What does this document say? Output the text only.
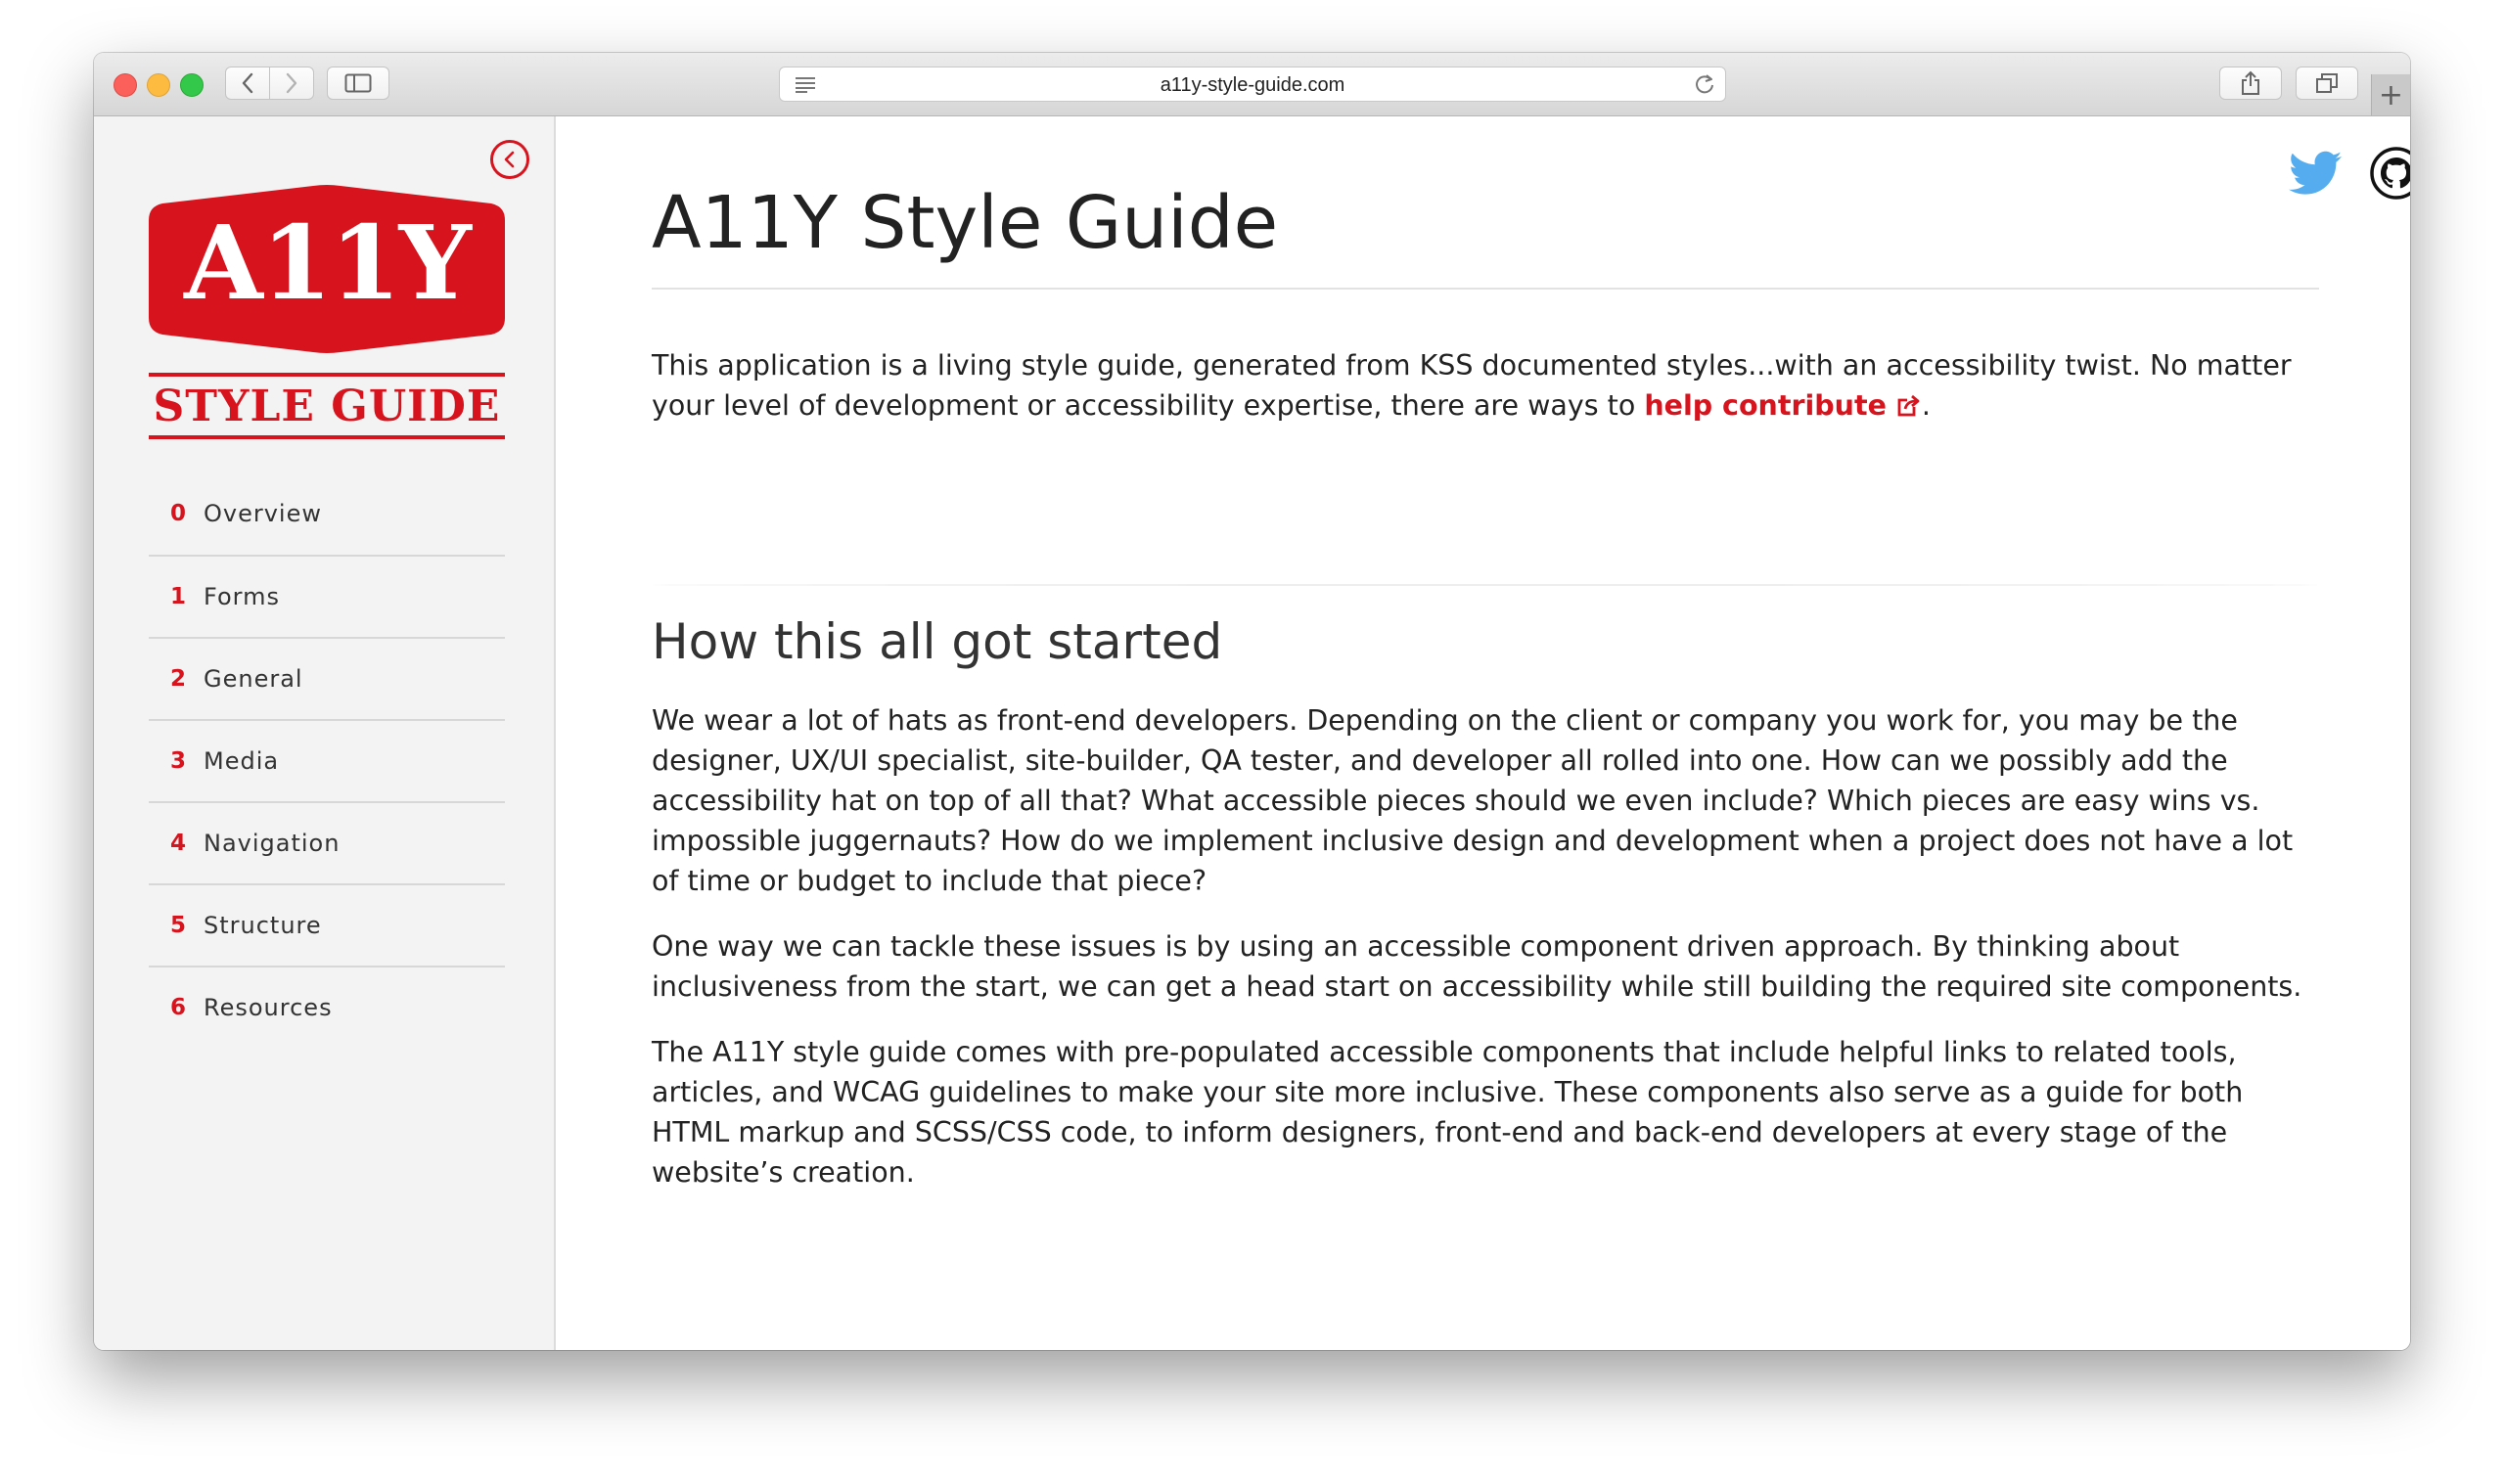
a11y-style-guide.com	+
A11Y
STYLE GUIDE
0 Overview
1 Forms
2 General
3 Media
4 Navigation
5 Structure
6 Resources
A11Y Style Guide

This application is a living style guide, generated from KSS documented styles...with an accessibility twist. No matter your level of development or accessibility expertise, there are ways to help contribute .

How this all got started

We wear a lot of hats as front-end developers. Depending on the client or company you work for, you may be the designer, UX/UI specialist, site-builder, QA tester, and developer all rolled into one. How can we possibly add the accessibility hat on top of all that? What accessible pieces should we even include? Which pieces are easy wins vs. impossible juggernauts? How do we implement inclusive design and development when a project does not have a lot of time or budget to include that piece?

One way we can tackle these issues is by using an accessible component driven approach. By thinking about inclusiveness from the start, we can get a head start on accessibility while still building the required site components.

The A11Y style guide comes with pre-populated accessible components that include helpful links to related tools, articles, and WCAG guidelines to make your site more inclusive. These components also serve as a guide for both HTML markup and SCSS/CSS code, to inform designers, front-end and back-end developers at every stage of the website’s creation.
